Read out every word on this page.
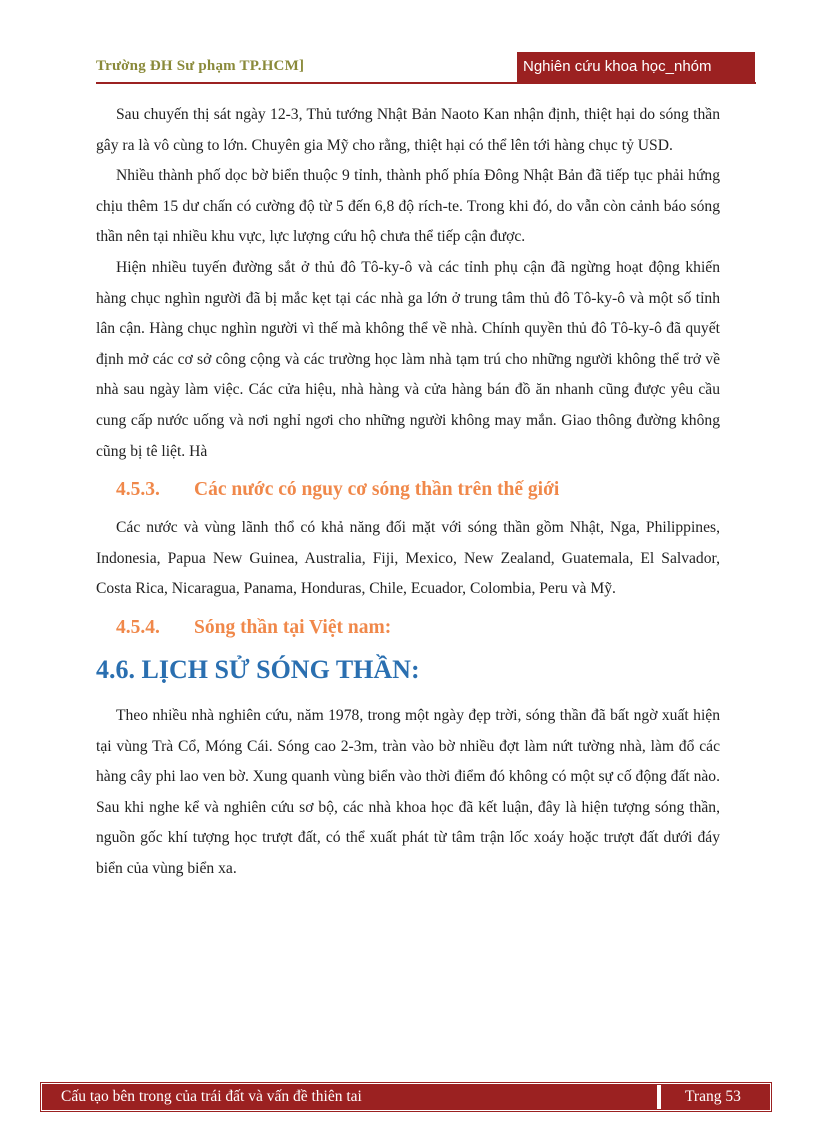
Trường ĐH Sư phạm TP.HCM]	Nghiên cứu khoa học_nhóm

Sau chuyến thị sát ngày 12-3, Thủ tướng Nhật Bản Naoto Kan nhận định, thiệt hại do sóng thần gây ra là vô cùng to lớn. Chuyên gia Mỹ cho rằng, thiệt hại có thể lên tới hàng chục tỷ USD.

Nhiều thành phố dọc bờ biển thuộc 9 tỉnh, thành phố phía Đông Nhật Bản đã tiếp tục phải hứng chịu thêm 15 dư chấn có cường độ từ 5 đến 6,8 độ rích-te. Trong khi đó, do vẫn còn cảnh báo sóng thần nên tại nhiều khu vực, lực lượng cứu hộ chưa thể tiếp cận được.

Hiện nhiều tuyến đường sắt ở thủ đô Tô-ky-ô và các tỉnh phụ cận đã ngừng hoạt động khiến hàng chục nghìn người đã bị mắc kẹt tại các nhà ga lớn ở trung tâm thủ đô Tô-ky-ô và một số tỉnh lân cận. Hàng chục nghìn người vì thế mà không thể về nhà. Chính quyền thủ đô Tô-ky-ô đã quyết định mở các cơ sở công cộng và các trường học làm nhà tạm trú cho những người không thể trở về nhà sau ngày làm việc. Các cửa hiệu, nhà hàng và cửa hàng bán đồ ăn nhanh cũng được yêu cầu cung cấp nước uống và nơi nghỉ ngơi cho những người không may mắn. Giao thông đường không cũng bị tê liệt. Hà

4.5.3.	Các nước có nguy cơ sóng thần trên thế giới

Các nước và vùng lãnh thổ có khả năng đối mặt với sóng thần gồm Nhật, Nga, Philippines, Indonesia, Papua New Guinea, Australia, Fiji, Mexico, New Zealand, Guatemala, El Salvador, Costa Rica, Nicaragua, Panama, Honduras, Chile, Ecuador, Colombia, Peru và Mỹ.

4.5.4.	Sóng thần tại Việt nam:
4.6. LỊCH SỬ SÓNG THẦN:

Theo nhiều nhà nghiên cứu, năm 1978, trong một ngày đẹp trời, sóng thần đã bất ngờ xuất hiện tại vùng Trà Cổ, Móng Cái. Sóng cao 2-3m, tràn vào bờ nhiều đợt làm nứt tường nhà, làm đổ các hàng cây phi lao ven bờ. Xung quanh vùng biển vào thời điểm đó không có một sự cố động đất nào. Sau khi nghe kể và nghiên cứu sơ bộ, các nhà khoa học đã kết luận, đây là hiện tượng sóng thần, nguồn gốc khí tượng học trượt đất, có thể xuất phát từ tâm trận lốc xoáy hoặc trượt đất dưới đáy biển của vùng biển xa.

Cấu tạo bên trong của trái đất và vấn đề thiên tai	Trang 53
